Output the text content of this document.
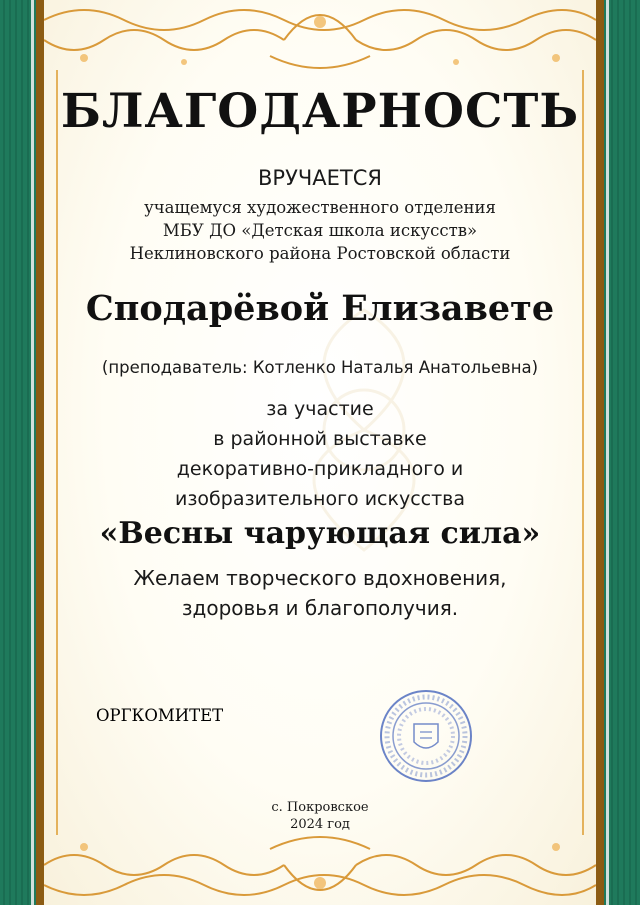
БЛАГОДАРНОСТЬ
ВРУЧАЕТСЯ
учащемуся художественного отделения
МБУ ДО «Детская школа искусств»
Неклиновского района Ростовской области
Сподарёвой Елизавете
(преподаватель: Котленко Наталья Анатольевна)
за участие
в районной выставке
декоративно-прикладного и
изобразительного искусства
«Весны чарующая сила»
Желаем творческого вдохновения,
здоровья и благополучия.
ОРГКОМИТЕТ
с. Покровское
2024 год
